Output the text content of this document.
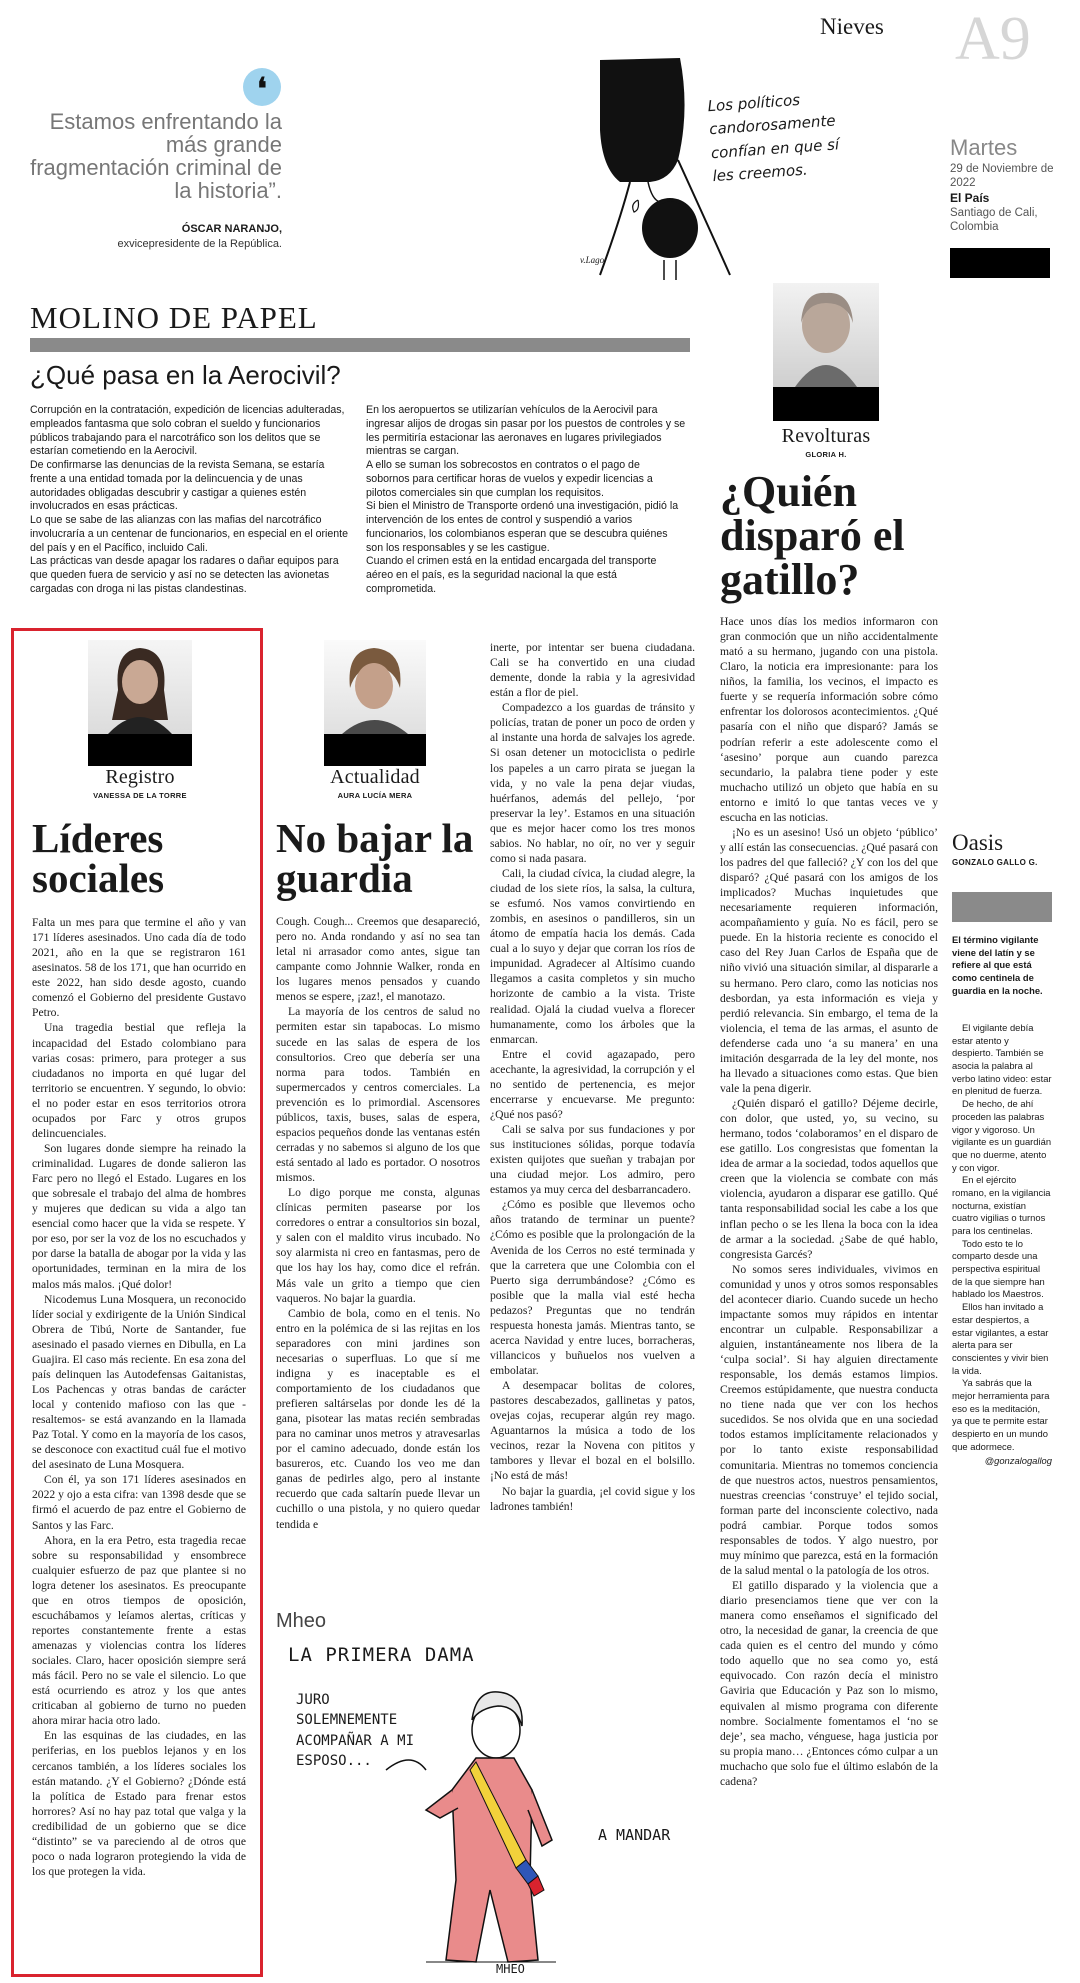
Nieves A9
Martes
29 de Noviembre de 2022
El País
Santiago de Cali, Colombia
❛
Estamos enfrentando la más grande fragmentación criminal de la historia”.
ÓSCAR NARANJO,
exvicepresidente de la República.
Los políticos candorosamente confían en que sí les creemos.
v.Lago
MOLINO DE PAPEL
¿Qué pasa en la Aerocivil?

Corrupción en la contratación, expedición de licencias adulteradas, empleados fantasma que solo cobran el sueldo y funcionarios públicos trabajando para el narcotráfico son los delitos que se estarían cometiendo en la Aerocivil.

De confirmarse las denuncias de la revista Semana, se estaría frente a una entidad tomada por la delincuencia y de unas autoridades obligadas descubrir y castigar a quienes estén involucrados en esas prácticas.

Lo que se sabe de las alianzas con las mafias del narcotráfico involucraría a un centenar de funcionarios, en especial en el oriente del país y en el Pacífico, incluido Cali.

Las prácticas van desde apagar los radares o dañar equipos para que queden fuera de servicio y así no se detecten las avionetas cargadas con droga ni las pistas clandestinas.

En los aeropuertos se utilizarían vehículos de la Aerocivil para ingresar alijos de drogas sin pasar por los puestos de controles y se les permitiría estacionar las aeronaves en lugares privilegiados mientras se cargan.

A ello se suman los sobrecostos en contratos o el pago de sobornos para certificar horas de vuelos y expedir licencias a pilotos comerciales sin que cumplan los requisitos.

Si bien el Ministro de Transporte ordenó una investigación, pidió la intervención de los entes de control y suspendió a varios funcionarios, los colombianos esperan que se descubra quiénes son los responsables y se les castigue.

Cuando el crimen está en la entidad encargada del transporte aéreo en el país, es la seguridad nacional la que está comprometida.

Revolturas
GLORIA H.
¿Quién disparó el gatillo?

Hace unos días los medios informaron con gran conmoción que un niño accidentalmente mató a su hermano, jugando con una pistola. Claro, la noticia era impresionante: para los niños, la familia, los vecinos, el impacto es fuerte y se requería información sobre cómo enfrentar los dolorosos acontecimientos. ¿Qué pasaría con el niño que disparó? Jamás se podrían referir a este adolescente como el ‘asesino’ porque aun cuando parezca secundario, la palabra tiene poder y este muchacho utilizó un objeto que había en su entorno e imitó lo que tantas veces ve y escucha en las noticias.

¡No es un asesino! Usó un objeto ‘público’ y allí están las consecuencias. ¿Qué pasará con los padres del que falleció? ¿Y con los del que disparó? ¿Qué pasará con los amigos de los implicados? Muchas inquietudes que necesariamente requieren información, acompañamiento y guía. No es fácil, pero se puede. En la historia reciente es conocido el caso del Rey Juan Carlos de España que de niño vivió una situación similar, al dispararle a su hermano. Pero claro, como las noticias nos desbordan, ya esta información es vieja y perdió relevancia. Sin embargo, el tema de la violencia, el tema de las armas, el asunto de defenderse cada uno ‘a su manera’ en una imitación desgarrada de la ley del monte, nos ha llevado a situaciones como estas. Que bien vale la pena digerir.

¿Quién disparó el gatillo? Déjeme decirle, con dolor, que usted, yo, su vecino, su hermano, todos ‘colaboramos’ en el disparo de ese gatillo. Los congresistas que fomentan la idea de armar a la sociedad, todos aquellos que creen que la violencia se combate con más violencia, ayudaron a disparar ese gatillo. Qué tanta responsabilidad social les cabe a los que inflan pecho o se les llena la boca con la idea de armar a la sociedad. ¿Sabe de qué hablo, congresista Garcés?

No somos seres individuales, vivimos en comunidad y unos y otros somos responsables del acontecer diario. Cuando sucede un hecho impactante somos muy rápidos en intentar encontrar un culpable. Responsabilizar a alguien, instantáneamente nos libera de la ‘culpa social’. Si hay alguien directamente responsable, los demás estamos limpios. Creemos estúpidamente, que nuestra conducta no tiene nada que ver con los hechos sucedidos. Se nos olvida que en una sociedad todos estamos implícitamente relacionados y por lo tanto existe responsabilidad comunitaria. Mientras no tomemos conciencia de que nuestros actos, nuestros pensamientos, nuestras creencias ‘construye’ el tejido social, forman parte del inconsciente colectivo, nada podrá cambiar. Porque todos somos responsables de todos. Y algo nuestro, por muy mínimo que parezca, está en la formación de la salud mental o la patología de los otros.

El gatillo disparado y la violencia que a diario presenciamos tiene que ver con la manera como enseñamos el significado del otro, la necesidad de ganar, la creencia de que cada quien es el centro del mundo y cómo todo aquello que no sea como yo, está equivocado. Con razón decía el ministro Gaviria que Educación y Paz son lo mismo, equivalen al mismo programa con diferente nombre. Socialmente fomentamos el ‘no se deje’, sea macho, vénguese, haga justicia por su propia mano… ¿Entonces cómo culpar a un muchacho que solo fue el último eslabón de la cadena?

Registro
VANESSA DE LA TORRE
Líderes sociales

Falta un mes para que termine el año y van 171 líderes asesinados. Uno cada día de todo 2021, año en la que se registraron 161 asesinatos. 58 de los 171, que han ocurrido en este 2022, han sido desde agosto, cuando comenzó el Gobierno del presidente Gustavo Petro.

Una tragedia bestial que refleja la incapacidad del Estado colombiano para varias cosas: primero, para proteger a sus ciudadanos no importa en qué lugar del territorio se encuentren. Y segundo, lo obvio: el no poder estar en esos territorios otrora ocupados por Farc y otros grupos delincuenciales.

Son lugares donde siempre ha reinado la criminalidad. Lugares de donde salieron las Farc pero no llegó el Estado. Lugares en los que sobresale el trabajo del alma de hombres y mujeres que dedican su vida a algo tan esencial como hacer que la vida se respete. Y por eso, por ser la voz de los no escuchados y por darse la batalla de abogar por la vida y las oportunidades, terminan en la mira de los malos más malos. ¡Qué dolor!

Nicodemus Luna Mosquera, un reconocido líder social y exdirigente de la Unión Sindical Obrera de Tibú, Norte de Santander, fue asesinado el pasado viernes en Dibulla, en La Guajira. El caso más reciente. En esa zona del país delinquen las Autodefensas Gaitanistas, Los Pachencas y otras bandas de carácter local y contenido mafioso con las que -resaltemos- se está avanzando en la llamada Paz Total. Y como en la mayoría de los casos, se desconoce con exactitud cuál fue el motivo del asesinato de Luna Mosquera.

Con él, ya son 171 líderes asesinados en 2022 y ojo a esta cifra: van 1398 desde que se firmó el acuerdo de paz entre el Gobierno de Santos y las Farc.

Ahora, en la era Petro, esta tragedia recae sobre su responsabilidad y ensombrece cualquier esfuerzo de paz que plantee si no logra detener los asesinatos. Es preocupante que en otros tiempos de oposición, escuchábamos y leíamos alertas, críticas y reportes constantemente frente a estas amenazas y violencias contra los líderes sociales. Claro, hacer oposición siempre será más fácil. Pero no se vale el silencio. Lo que está ocurriendo es atroz y los que antes criticaban al gobierno de turno no pueden ahora mirar hacia otro lado.

En las esquinas de las ciudades, en las periferias, en los pueblos lejanos y en los cercanos también, a los líderes sociales los están matando. ¿Y el Gobierno? ¿Dónde está la política de Estado para frenar estos horrores? Así no hay paz total que valga y la credibilidad de un gobierno que se dice “distinto” se va pareciendo al de otros que poco o nada lograron protegiendo la vida de los que protegen la vida.

Actualidad
AURA LUCÍA MERA
No bajar la guardia

Cough. Cough... Creemos que desapareció, pero no. Anda rondando y así no sea tan letal ni arrasador como antes, sigue tan campante como Johnnie Walker, ronda en los lugares menos pensados y cuando menos se espere, ¡zaz!, el manotazo.

La mayoría de los centros de salud no permiten estar sin tapabocas. Lo mismo sucede en las salas de espera de los consultorios. Creo que debería ser una norma para todos. También en supermercados y centros comerciales. La prevención es lo primordial. Ascensores públicos, taxis, buses, salas de espera, espacios pequeños donde las ventanas estén cerradas y no sabemos si alguno de los que está sentado al lado es portador. O nosotros mismos.

Lo digo porque me consta, algunas clínicas permiten pasearse por los corredores o entrar a consultorios sin bozal, y salen con el maldito virus incubado. No soy alarmista ni creo en fantasmas, pero de que los hay los hay, como dice el refrán. Más vale un grito a tiempo que cien vaqueros. No bajar la guardia.

Cambio de bola, como en el tenis. No entro en la polémica de si las rejitas en los separadores con mini jardines son necesarias o superfluas. Lo que sí me indigna y es inaceptable es el comportamiento de los ciudadanos que prefieren saltárselas por donde les dé la gana, pisotear las matas recién sembradas para no caminar unos metros y atravesarlas por el camino adecuado, donde están los basureros, etc. Cuando los veo me dan ganas de pedirles algo, pero al instante recuerdo que cada saltarín puede llevar un cuchillo o una pistola, y no quiero quedar tendida e

inerte, por intentar ser buena ciudadana. Cali se ha convertido en una ciudad demente, donde la rabia y la agresividad están a flor de piel.

Compadezco a los guardas de tránsito y policías, tratan de poner un poco de orden y al instante una horda de salvajes los agrede. Si osan detener un motociclista o pedirle los papeles a un carro pirata se juegan la vida, y no vale la pena dejar viudas, huérfanos, además del pellejo, ‘por preservar la ley’. Estamos en una situación que es mejor hacer como los tres monos sabios. No hablar, no oír, no ver y seguir como si nada pasara.

Cali, la ciudad cívica, la ciudad alegre, la ciudad de los siete ríos, la salsa, la cultura, se esfumó. Nos vamos convirtiendo en zombis, en asesinos o pandilleros, sin un átomo de empatía hacia los demás. Cada cual a lo suyo y dejar que corran los ríos de impunidad. Agradecer al Altísimo cuando llegamos a casita completos y sin mucho horizonte de cambio a la vista. Triste realidad. Ojalá la ciudad vuelva a florecer humanamente, como los árboles que la enmarcan.

Entre el covid agazapado, pero acechante, la agresividad, la corrupción y el no sentido de pertenencia, es mejor encerrarse y encuevarse. Me pregunto: ¿Qué nos pasó?

Cali se salva por sus fundaciones y por sus instituciones sólidas, porque todavía existen quijotes que sueñan y trabajan por una ciudad mejor. Los admiro, pero estamos ya muy cerca del desbarrancadero.

¿Cómo es posible que llevemos ocho años tratando de terminar un puente? ¿Cómo es posible que la prolongación de la Avenida de los Cerros no esté terminada y que la carretera que une Colombia con el Puerto siga derrumbándose? ¿Cómo es posible que la malla vial esté hecha pedazos? Preguntas que no tendrán respuesta honesta jamás. Mientras tanto, se acerca Navidad y entre luces, borracheras, villancicos y buñuelos nos vuelven a embolatar.

A desempacar bolitas de colores, pastores descabezados, gallinetas y patos, ovejas cojas, recuperar algún rey mago. Aguantarnos la música a todo de los vecinos, rezar la Novena con pititos y tambores y llevar el bozal en el bolsillo. ¡No está de más!

No bajar la guardia, ¡el covid sigue y los ladrones también!

Mheo
LA PRIMERA DAMA
JURO SOLEMNEMENTE ACOMPAÑAR A MI ESPOSO...
A MANDAR
MHEO
Oasis
GONZALO GALLO G.
El término vigilante viene del latín y se refiere al que está como centinela de guardia en la noche.

El vigilante debía estar atento y despierto. También se asocia la palabra al verbo latino video: estar en plenitud de fuerza.

De hecho, de ahí proceden las palabras vigor y vigoroso. Un vigilante es un guardián que no duerme, atento y con vigor.

En el ejército romano, en la vigilancia nocturna, existían cuatro vigilias o turnos para los centinelas.

Todo esto te lo comparto desde una perspectiva espiritual de la que siempre han hablado los Maestros.

Ellos han invitado a estar despiertos, a estar vigilantes, a estar alerta para ser conscientes y vivir bien la vida.

Ya sabrás que la mejor herramienta para eso es la meditación, ya que te permite estar despierto en un mundo que adormece.

@gonzalogallog
